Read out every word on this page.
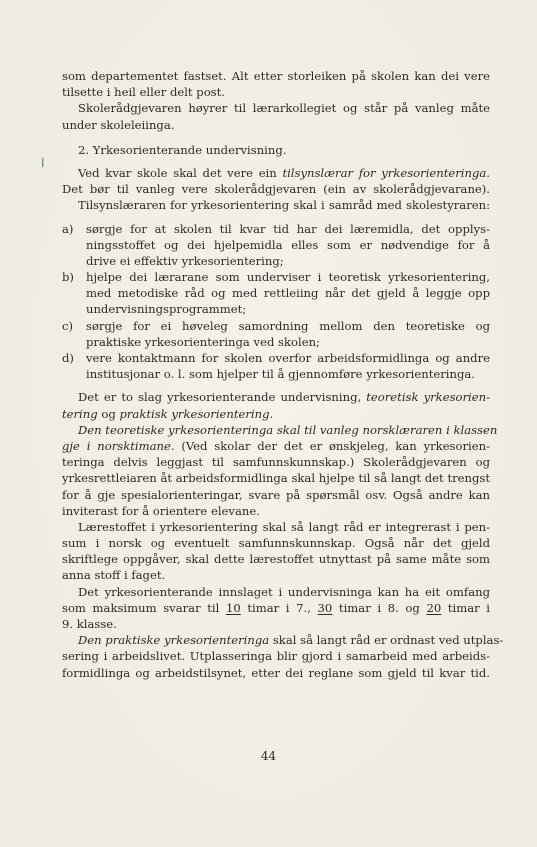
\
som departementet fastset. Alt etter storleiken på skolen kan dei vere
tilsette i heil eller delt post.
Skolerådgjevaren høyrer til lærarkollegiet og står på vanleg måte
under skoleleiinga.
2. Yrkesorienterande undervisning.
Ved kvar skole skal det vere ein tilsynslærar for yrkesorienteringa.
Det bør til vanleg vere skolerådgjevaren (ein av skolerådgjevarane).
Tilsynslæraren for yrkesorientering skal i samråd med skolestyraren:
a)	sørgje for at skolen til kvar tid har dei læremidla, det opplys-
ningsstoffet og dei hjelpemidla elles som er nødvendige for å
drive ei effektiv yrkesorientering;
b)	hjelpe dei lærarane som underviser i teoretisk yrkesorientering,
med metodiske råd og med rettleiing når det gjeld å leggje opp
undervisningsprogrammet;
c)	sørgje for ei høveleg samordning mellom den teoretiske og
praktiske yrkesorienteringa ved skolen;
d)	vere kontaktmann for skolen overfor arbeidsformidlinga og andre
institusjonar o. l. som hjelper til å gjennomføre yrkesorienteringa.
Det er to slag yrkesorienterande undervisning, teoretisk yrkesorien-
tering og praktisk yrkesorientering.
Den teoretiske yrkesorienteringa skal til vanleg norsklæraren i klassen
gje i norsktimane. (Ved skolar der det er ønskjeleg, kan yrkesorien-
teringa delvis leggjast til samfunnskunnskap.) Skolerådgjevaren og
yrkesrettleiaren åt arbeidsformidlinga skal hjelpe til så langt det trengst
for å gje spesialorienteringar, svare på spørsmål osv. Også andre kan
inviterast for å orientere elevane.
Lærestoffet i yrkesorientering skal så langt råd er integrerast i pen-
sum i norsk og eventuelt samfunnskunnskap. Også når det gjeld
skriftlege oppgåver, skal dette lærestoffet utnyttast på same måte som
anna stoff i faget.
Det yrkesorienterande innslaget i undervisninga kan ha eit omfang
som maksimum svarar til 10 timar i 7., 30 timar i 8. og 20 timar i
9. klasse.
Den praktiske yrkesorienteringa skal så langt råd er ordnast ved utplas-
sering i arbeidslivet. Utplasseringa blir gjord i samarbeid med arbeids-
formidlinga og arbeidstilsynet, etter dei reglane som gjeld til kvar tid.
44
